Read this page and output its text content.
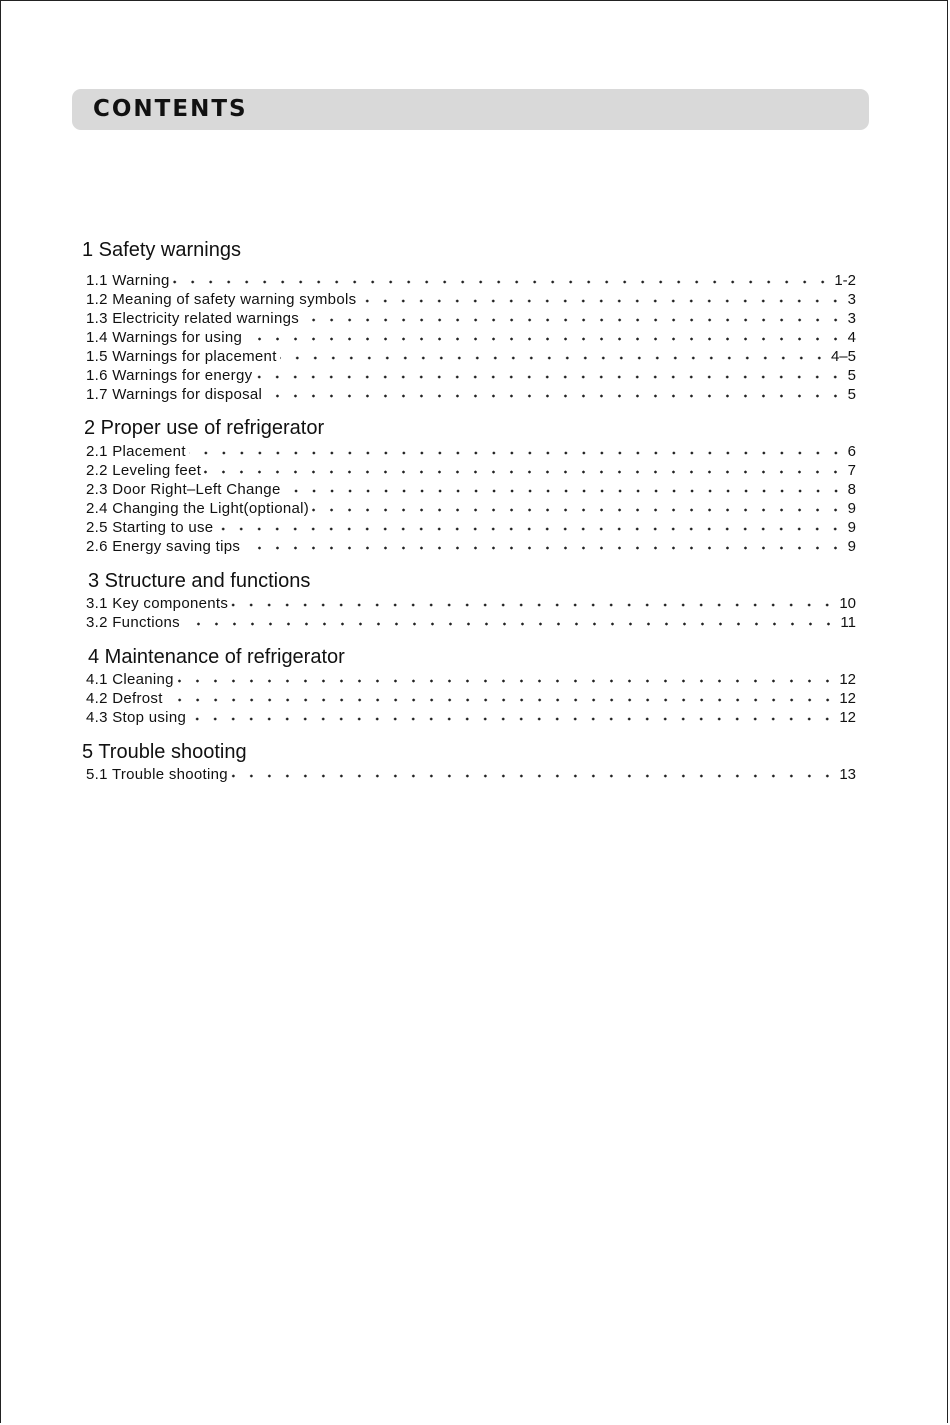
CONTENTS
1 Safety warnings
1.1 Warning	1-2
1.2 Meaning of safety warning symbols	3
1.3 Electricity related warnings	3
1.4 Warnings for using	4
1.5 Warnings for placement	4–5
1.6 Warnings for energy	5
1.7 Warnings for disposal	5
2 Proper use of refrigerator
2.1 Placement	6
2.2 Leveling feet	7
2.3 Door Right–Left Change	8
2.4 Changing the Light(optional)	9
2.5 Starting to use	9
2.6 Energy saving tips	9
3 Structure and functions
3.1 Key components	10
3.2 Functions	11
4 Maintenance of refrigerator
4.1 Cleaning	12
4.2 Defrost	12
4.3 Stop using	12
5 Trouble shooting
5.1 Trouble shooting	13
